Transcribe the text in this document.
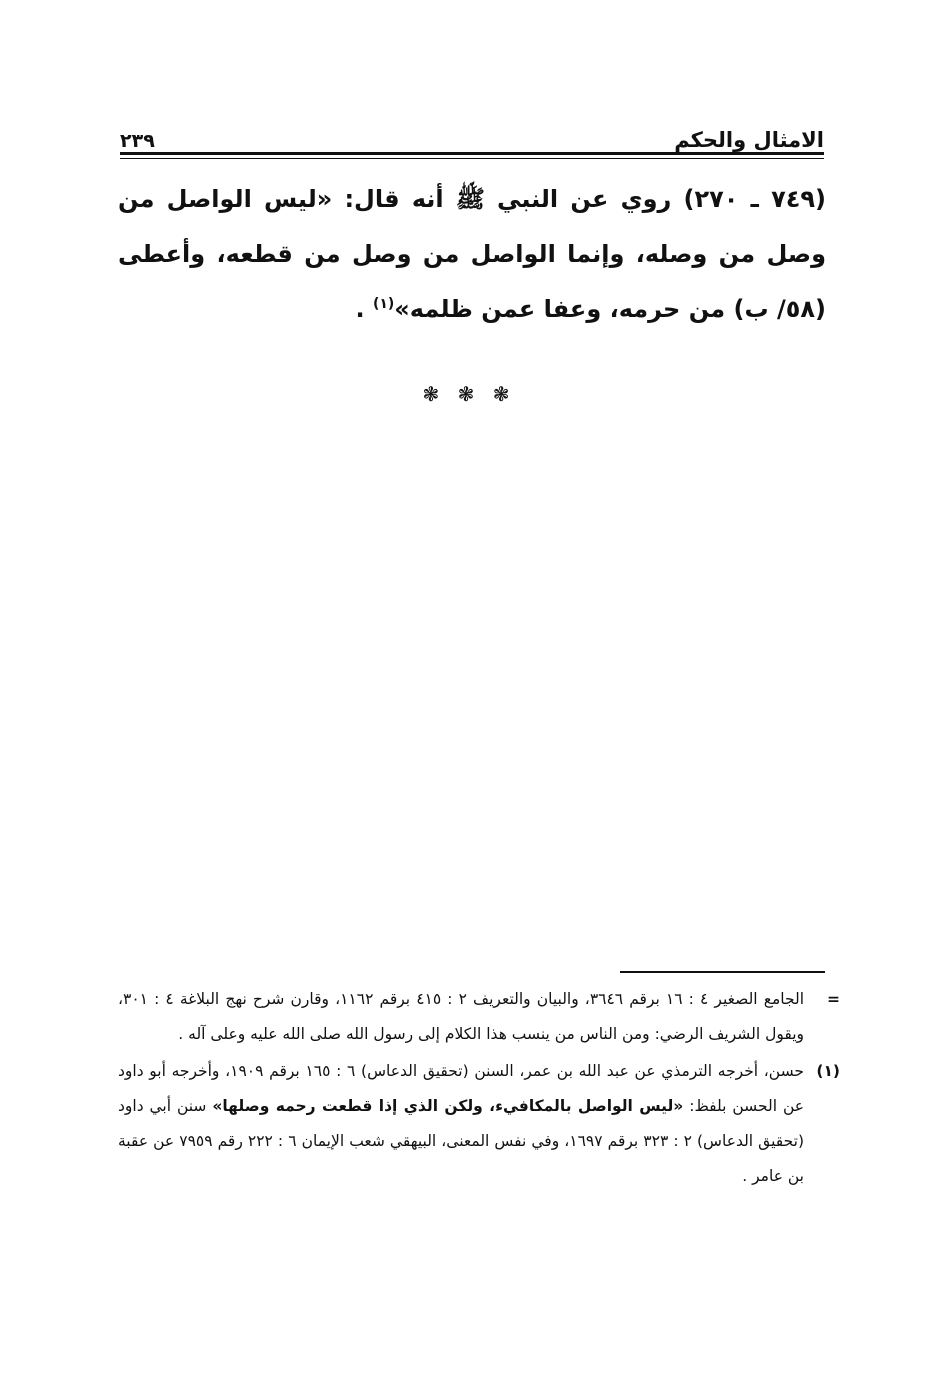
الامثال والحكم
٢٣٩
(٧٤٩ ـ ٢٧٠) روي عن النبي ﷺ أنه قال: «ليس الواصل من وصل من وصله، وإنما الواصل من وصل من قطعه، وأعطى (٥٨/ ب) من حرمه، وعفا عمن ظلمه»$^{(١)}$ .
❃ ❃ ❃
=
الجامع الصغير ٤ : ١٦ برقم ٣٦٤٦، والبيان والتعريف ٢ : ٤١٥ برقم ١١٦٢، وقارن شرح نهج البلاغة ٤ : ٣٠١، ويقول الشريف الرضي: ومن الناس من ينسب هذا الكلام إلى رسول الله صلى الله عليه وعلى آله .
(١)
حسن، أخرجه الترمذي عن عبد الله بن عمر، السنن (تحقيق الدعاس) ٦ : ١٦٥ برقم ١٩٠٩، وأخرجه أبو داود عن الحسن بلفظ: «ليس الواصل بالمكافيء، ولكن الذي إذا قطعت رحمه وصلها» سنن أبي داود (تحقيق الدعاس) ٢ : ٣٢٣ برقم ١٦٩٧، وفي نفس المعنى، البيهقي شعب الإيمان ٦ : ٢٢٢ رقم ٧٩٥٩ عن عقبة بن عامر .
